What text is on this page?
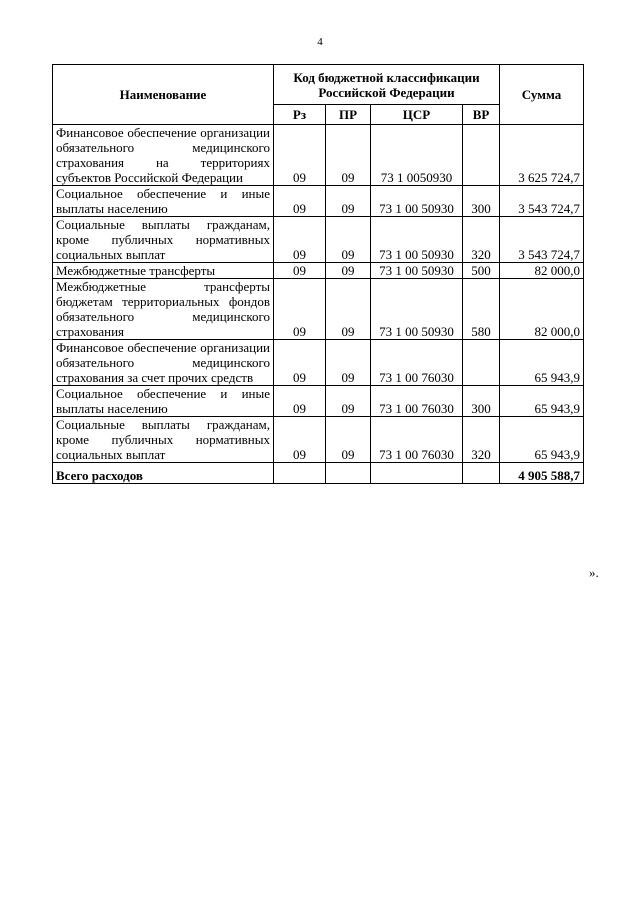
4
Наименование	Код бюджетной классификации Российской Федерации				Сумма
	Рз	ПР	ЦСР	ВР	
Финансовое обеспечение организации обязательного медицинского страхования на территориях субъектов Российской Федерации	09	09	73 1 0050930		3 625 724,7
Социальное обеспечение и иные выплаты населению	09	09	73 1 00 50930	300	3 543 724,7
Социальные выплаты гражданам, кроме публичных нормативных социальных выплат	09	09	73 1 00 50930	320	3 543 724,7
Межбюджетные трансферты	09	09	73 1 00 50930	500	82 000,0
Межбюджетные трансферты бюджетам территориальных фондов обязательного медицинского страхования	09	09	73 1 00 50930	580	82 000,0
Финансовое обеспечение организации обязательного медицинского страхования за счет прочих средств	09	09	73 1 00 76030		65 943,9
Социальное обеспечение и иные выплаты населению	09	09	73 1 00 76030	300	65 943,9
Социальные выплаты гражданам, кроме публичных нормативных социальных выплат	09	09	73 1 00 76030	320	65 943,9
Всего расходов					4 905 588,7
».
